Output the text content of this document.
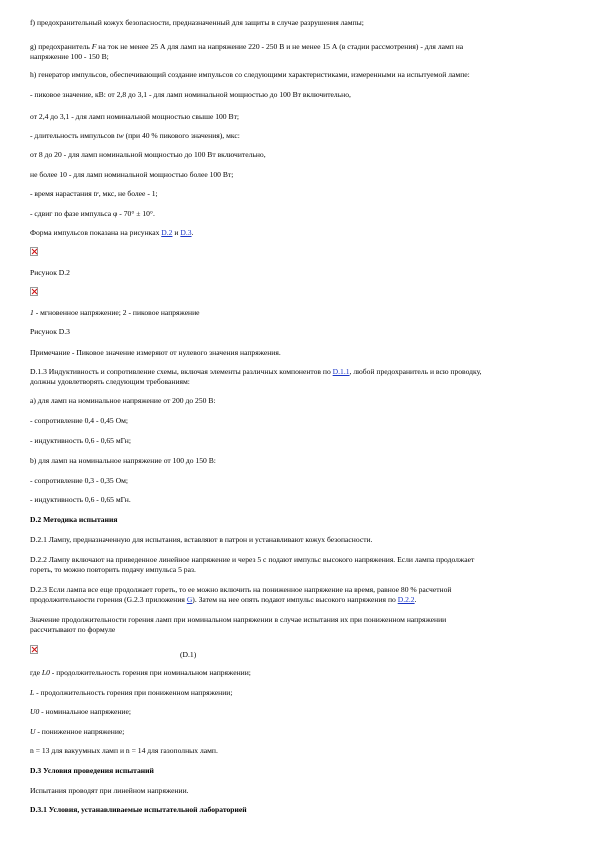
f) предохранительный кожух безопасности, предназначенный для защиты в случае разрушения лампы;
g) предохранитель F на ток не менее 25 А для ламп на напряжение 220 - 250 В и не менее 15 А (в стадии рассмотрения) - для ламп на
напряжение 100 - 150 В;
h) генератор импульсов, обеспечивающий создание импульсов со следующими характеристиками, измеренными на испытуемой лампе:
- пиковое значение, кВ: от 2,8 до 3,1 - для ламп номинальной мощностью до 100 Вт включительно,
от 2,4 до 3,1 - для ламп номинальной мощностью свыше 100 Вт;
- длительность импульсов tw (при 40 % пикового значения), мкс:
от 8 до 20 - для ламп номинальной мощностью до 100 Вт включительно,
не более 10 - для ламп номинальной мощностью более 100 Вт;
- время нарастания tr, мкс, не более - 1;
- сдвиг по фазе импульса φ - 70° ± 10°.
Форма импульсов показана на рисунках D.2 и D.3.
Рисунок D.2
1 - мгновенное напряжение; 2 - пиковое напряжение
Рисунок D.3
Примечание - Пиковое значение измеряют от нулевого значения напряжения.
D.1.3 Индуктивность и сопротивление схемы, включая элементы различных компонентов по D.1.1, любой предохранитель и всю проводку,
должны удовлетворять следующим требованиям:
a) для ламп на номинальное напряжение от 200 до 250 В:
- сопротивление 0,4 - 0,45 Ом;
- индуктивность 0,6 - 0,65 мГн;
b) для ламп на номинальное напряжение от 100 до 150 В:
- сопротивление 0,3 - 0,35 Ом;
- индуктивность 0,6 - 0,65 мГн.
D.2 Методика испытания
D.2.1 Лампу, предназначенную для испытания, вставляют в патрон и устанавливают кожух безопасности.
D.2.2 Лампу включают на приведенное линейное напряжение и через 5 с подают импульс высокого напряжения. Если лампа продолжает
гореть, то можно повторить подачу импульса 5 раз.
D.2.3 Если лампа все еще продолжает гореть, то ее можно включить на пониженное напряжение на время, равное 80 % расчетной
продолжительности горения (G.2.3 приложения G). Затем на нее опять подают импульс высокого напряжения по D.2.2.
Значение продолжительности горения ламп при номинальном напряжении в случае испытания их при пониженном напряжении
рассчитывают по формуле
(D.1)
где L0 - продолжительность горения при номинальном напряжении;
L - продолжительность горения при пониженном напряжении;
U0 - номинальное напряжение;
U - пониженное напряжение;
n = 13 для вакуумных ламп и n = 14 для газополных ламп.
D.3 Условия проведения испытаний
Испытания проводят при линейном напряжении.
D.3.1 Условия, устанавливаемые испытательной лабораторией
